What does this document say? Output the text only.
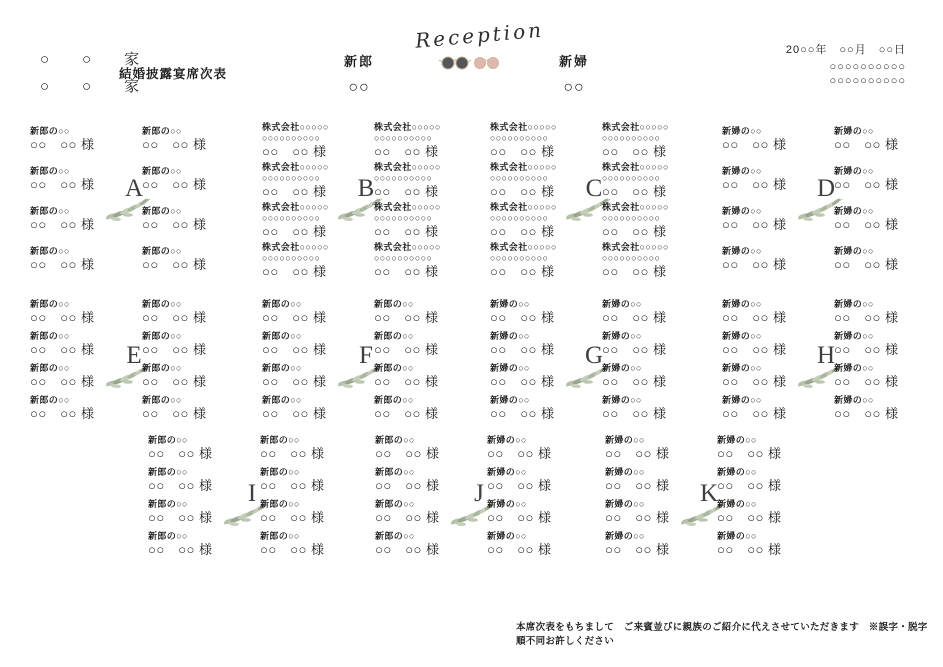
○　○　家
○　○　家
結婚披露宴席次表
新郎
○○
Reception
新婦
○○
20○○年　○○月　○○日
○○○○○○○○○○
○○○○○○○○○○
新郎の○○
○○　○○ 様
新郎の○○
○○　○○ 様
新郎の○○
○○　○○ 様
新郎の○○
○○　○○ 様
A
新郎の○○
○○　○○ 様
新郎の○○
○○　○○ 様
新郎の○○
○○　○○ 様
新郎の○○
○○　○○ 様
株式会社○○○○○
○○○○○○○○○○
○○　○○ 様
株式会社○○○○○
○○○○○○○○○○
○○　○○ 様
株式会社○○○○○
○○○○○○○○○○
○○　○○ 様
株式会社○○○○○
○○○○○○○○○○
○○　○○ 様
B
株式会社○○○○○
○○○○○○○○○○
○○　○○ 様
株式会社○○○○○
○○○○○○○○○○
○○　○○ 様
株式会社○○○○○
○○○○○○○○○○
○○　○○ 様
株式会社○○○○○
○○○○○○○○○○
○○　○○ 様
株式会社○○○○○
○○○○○○○○○○
○○　○○ 様
株式会社○○○○○
○○○○○○○○○○
○○　○○ 様
株式会社○○○○○
○○○○○○○○○○
○○　○○ 様
株式会社○○○○○
○○○○○○○○○○
○○　○○ 様
C
株式会社○○○○○
○○○○○○○○○○
○○　○○ 様
株式会社○○○○○
○○○○○○○○○○
○○　○○ 様
株式会社○○○○○
○○○○○○○○○○
○○　○○ 様
株式会社○○○○○
○○○○○○○○○○
○○　○○ 様
新婦の○○
○○　○○ 様
新婦の○○
○○　○○ 様
新婦の○○
○○　○○ 様
新婦の○○
○○　○○ 様
D
新婦の○○
○○　○○ 様
新婦の○○
○○　○○ 様
新婦の○○
○○　○○ 様
新婦の○○
○○　○○ 様
新郎の○○
○○　○○ 様
新郎の○○
○○　○○ 様
新郎の○○
○○　○○ 様
新郎の○○
○○　○○ 様
E
新郎の○○
○○　○○ 様
新郎の○○
○○　○○ 様
新郎の○○
○○　○○ 様
新郎の○○
○○　○○ 様
新郎の○○
○○　○○ 様
新郎の○○
○○　○○ 様
新郎の○○
○○　○○ 様
新郎の○○
○○　○○ 様
F
新郎の○○
○○　○○ 様
新郎の○○
○○　○○ 様
新郎の○○
○○　○○ 様
新郎の○○
○○　○○ 様
新婦の○○
○○　○○ 様
新婦の○○
○○　○○ 様
新婦の○○
○○　○○ 様
新婦の○○
○○　○○ 様
G
新婦の○○
○○　○○ 様
新婦の○○
○○　○○ 様
新婦の○○
○○　○○ 様
新婦の○○
○○　○○ 様
新婦の○○
○○　○○ 様
新婦の○○
○○　○○ 様
新婦の○○
○○　○○ 様
新婦の○○
○○　○○ 様
H
新婦の○○
○○　○○ 様
新婦の○○
○○　○○ 様
新婦の○○
○○　○○ 様
新婦の○○
○○　○○ 様
新郎の○○
○○　○○ 様
新郎の○○
○○　○○ 様
新郎の○○
○○　○○ 様
新郎の○○
○○　○○ 様
I
新郎の○○
○○　○○ 様
新郎の○○
○○　○○ 様
新郎の○○
○○　○○ 様
新郎の○○
○○　○○ 様
新郎の○○
○○　○○ 様
新郎の○○
○○　○○ 様
新郎の○○
○○　○○ 様
新郎の○○
○○　○○ 様
J
新婦の○○
○○　○○ 様
新婦の○○
○○　○○ 様
新婦の○○
○○　○○ 様
新婦の○○
○○　○○ 様
新婦の○○
○○　○○ 様
新婦の○○
○○　○○ 様
新婦の○○
○○　○○ 様
新婦の○○
○○　○○ 様
K
新婦の○○
○○　○○ 様
新婦の○○
○○　○○ 様
新婦の○○
○○　○○ 様
新婦の○○
○○　○○ 様
本席次表をもちまして　ご来賓並びに親族のご紹介に代えさせていただきます　※誤字・脱字　順不同お許しください
